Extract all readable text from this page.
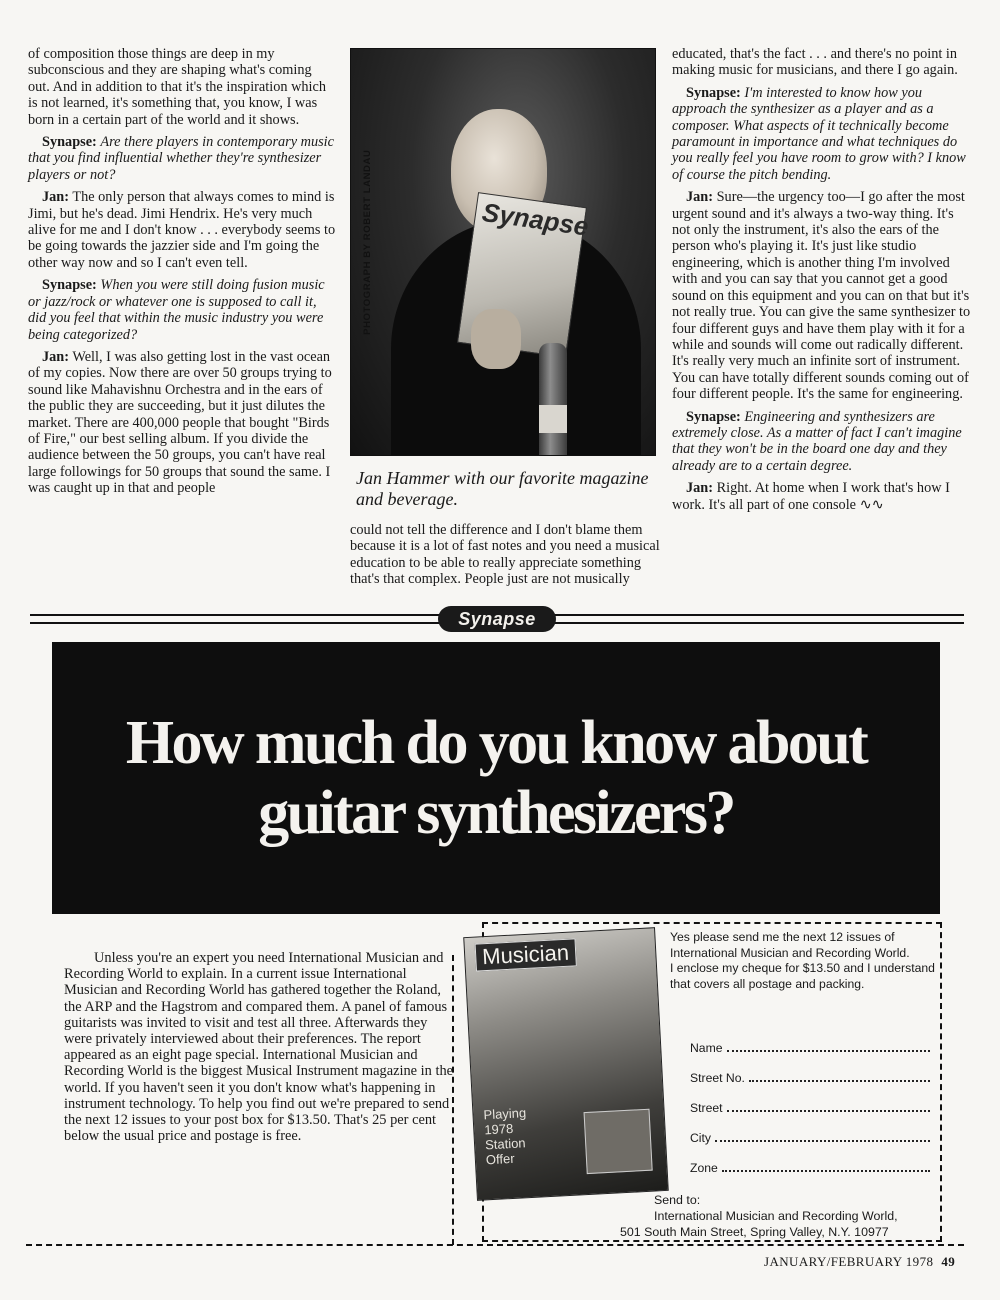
of composition those things are deep in my subconscious and they are shaping what's coming out. And in addition to that it's the inspiration which is not learned, it's something that, you know, I was born in a certain part of the world and it shows.

Synapse: Are there players in contemporary music that you find influential whether they're synthesizer players or not?

Jan: The only person that always comes to mind is Jimi, but he's dead. Jimi Hendrix. He's very much alive for me and I don't know . . . everybody seems to be going towards the jazzier side and I'm going the other way now and so I can't even tell.

Synapse: When you were still doing fusion music or jazz/rock or whatever one is supposed to call it, did you feel that within the music industry you were being categorized?

Jan: Well, I was also getting lost in the vast ocean of my copies. Now there are over 50 groups trying to sound like Mahavishnu Orchestra and in the ears of the public they are succeeding, but it just dilutes the market. There are 400,000 people that bought "Birds of Fire," our best selling album. If you divide the audience between the 50 groups, you can't have real large followings for 50 groups that sound the same. I was caught up in that and people

Synapse
PHOTOGRAPH BY ROBERT LANDAU
Jan Hammer with our favorite magazine and beverage.

could not tell the difference and I don't blame them because it is a lot of fast notes and you need a musical education to be able to really appreciate something that's that complex. People just are not musically

educated, that's the fact . . . and there's no point in making music for musicians, and there I go again.

Synapse: I'm interested to know how you approach the synthesizer as a player and as a composer. What aspects of it technically become paramount in importance and what techniques do you really feel you have room to grow with? I know of course the pitch bending.

Jan: Sure—the urgency too—I go after the most urgent sound and it's always a two-way thing. It's not only the instrument, it's also the ears of the person who's playing it. It's just like studio engineering, which is another thing I'm involved with and you can say that you cannot get a good sound on this equipment and you can on that but it's not really true. You can give the same synthesizer to four different guys and have them play with it for a while and sounds will come out radically different. It's really very much an infinite sort of instrument. You can have totally different sounds coming out of four different people. It's the same for engineering.

Synapse: Engineering and synthesizers are extremely close. As a matter of fact I can't imagine that they won't be in the board one day and they already are to a certain degree.

Jan: Right. At home when I work that's how I work. It's all part of one console ∿∿

Synapse
How much do you know about
guitar synthesizers?
Unless you're an expert you need International Musician and Recording World to explain. In a current issue International Musician and Recording World has gathered together the Roland, the ARP and the Hagstrom and compared them. A panel of famous guitarists was invited to visit and test all three. Afterwards they were privately interviewed about their preferences. The report appeared as an eight page special. International Musician and Recording World is the biggest Musical Instrument magazine in the world. If you haven't seen it you don't know what's happening in instrument technology. To help you find out we're prepared to send the next 12 issues to your post box for $13.50. That's 25 per cent below the usual price and postage is free.
Musician
Playing
1978
Station
Offer

Yes please send me the next 12 issues of International Musician and Recording World.

I enclose my cheque for $13.50 and I understand that covers all postage and packing.

Name
Street No.
Street
City
Zone
Send to:
International Musician and Recording World,
501 South Main Street, Spring Valley, N.Y. 10977
JANUARY/FEBRUARY 1978 49
